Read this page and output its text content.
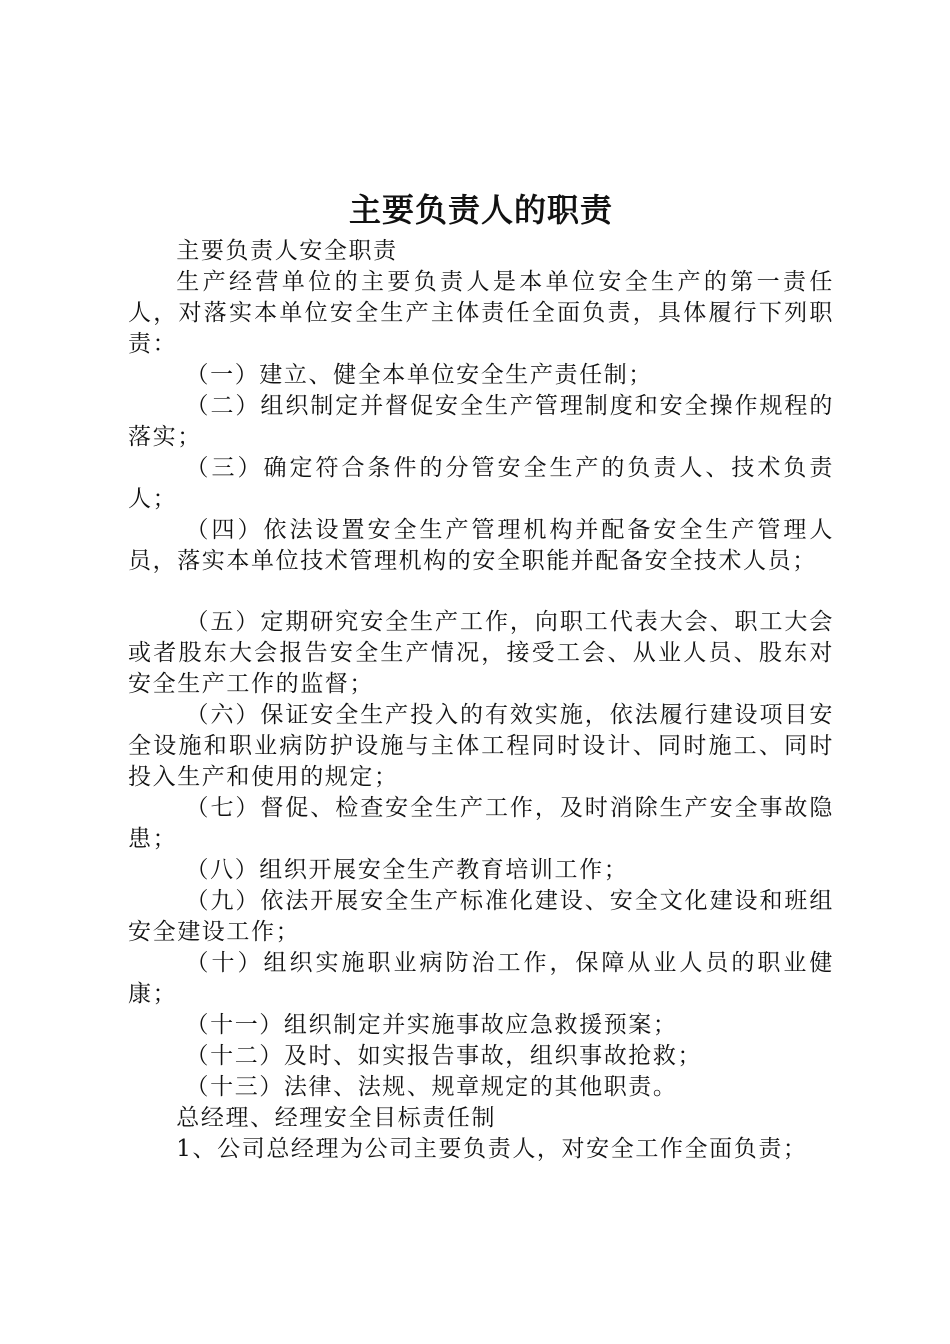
主要负责人的职责

主要负责人安全职责

生产经营单位的主要负责人是本单位安全生产的第一责任人，对落实本单位安全生产主体责任全面负责，具体履行下列职责：

（一）建立、健全本单位安全生产责任制；

（二）组织制定并督促安全生产管理制度和安全操作规程的落实；

（三）确定符合条件的分管安全生产的负责人、技术负责人；

（四）依法设置安全生产管理机构并配备安全生产管理人员，落实本单位技术管理机构的安全职能并配备安全技术人员；

（五）定期研究安全生产工作，向职工代表大会、职工大会或者股东大会报告安全生产情况，接受工会、从业人员、股东对安全生产工作的监督；

（六）保证安全生产投入的有效实施，依法履行建设项目安全设施和职业病防护设施与主体工程同时设计、同时施工、同时投入生产和使用的规定；

（七）督促、检查安全生产工作，及时消除生产安全事故隐患；

（八）组织开展安全生产教育培训工作；

（九）依法开展安全生产标准化建设、安全文化建设和班组安全建设工作；

（十）组织实施职业病防治工作，保障从业人员的职业健康；

（十一）组织制定并实施事故应急救援预案；

（十二）及时、如实报告事故，组织事故抢救；

（十三）法律、法规、规章规定的其他职责。

总经理、经理安全目标责任制

1、公司总经理为公司主要负责人，对安全工作全面负责；
